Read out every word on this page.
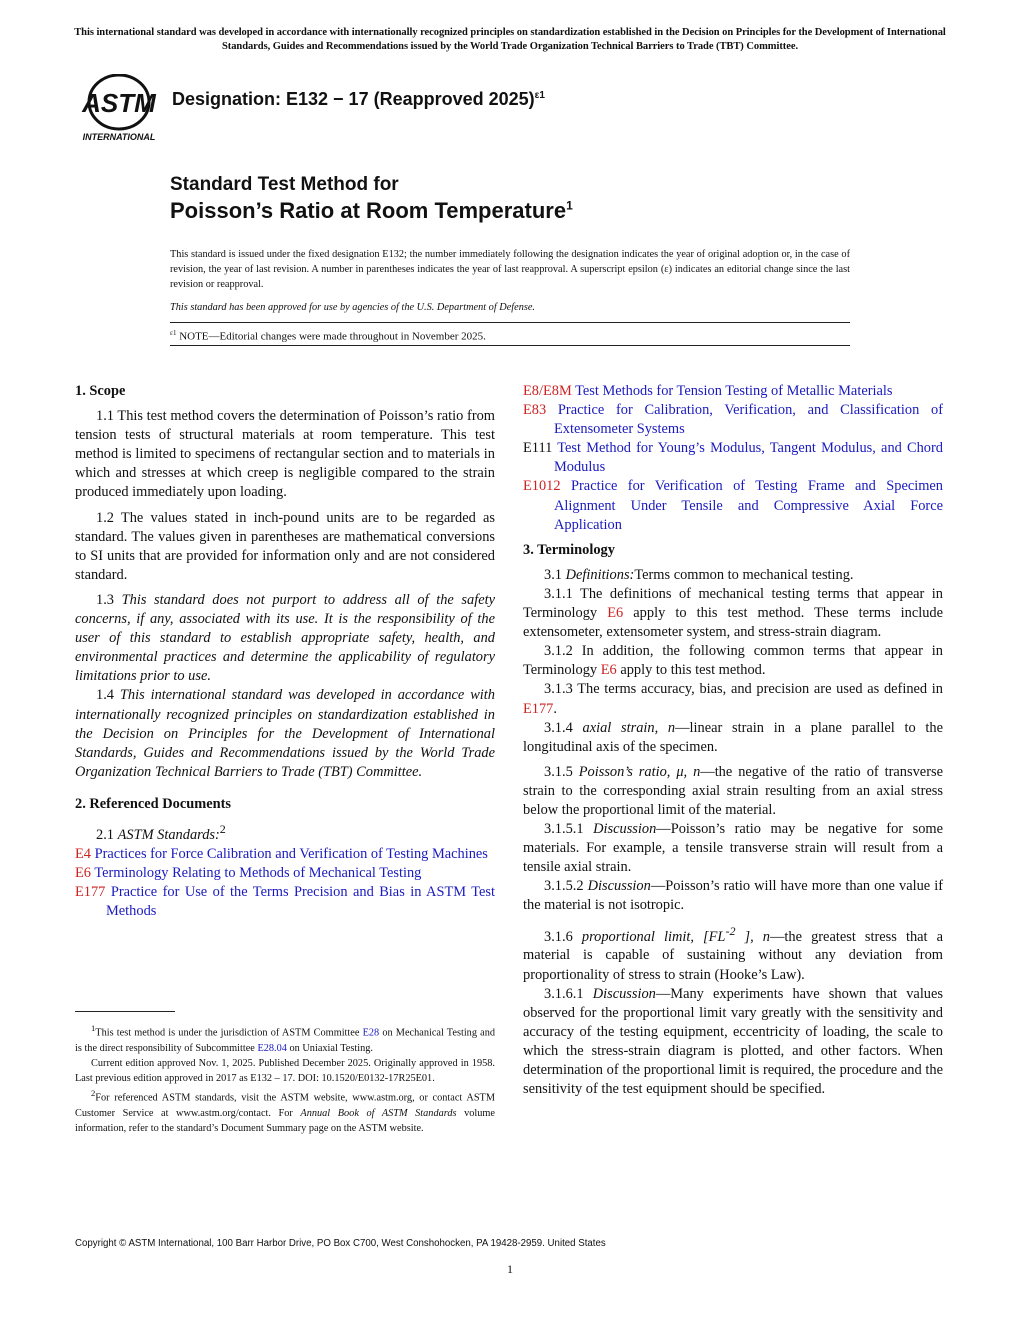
This international standard was developed in accordance with internationally recognized principles on standardization established in the Decision on Principles for the Development of International Standards, Guides and Recommendations issued by the World Trade Organization Technical Barriers to Trade (TBT) Committee.
ASTM
INTERNATIONAL
Designation: E132 − 17 (Reapproved 2025)$^{\varepsilon 1}$
Standard Test Method for
Poisson’s Ratio at Room Temperature$^1$
This standard is issued under the fixed designation E132; the number immediately following the designation indicates the year of original adoption or, in the case of revision, the year of last revision. A number in parentheses indicates the year of last reapproval. A superscript epsilon (ε) indicates an editorial change since the last revision or reapproval.
This standard has been approved for use by agencies of the U.S. Department of Defense.
$^{\varepsilon 1}$ NOTE—Editorial changes were made throughout in November 2025.

1. Scope

1.1 This test method covers the determination of Poisson’s ratio from tension tests of structural materials at room temperature. This test method is limited to specimens of rectangular section and to materials in which and stresses at which creep is negligible compared to the strain produced immediately upon loading.

1.2 The values stated in inch-pound units are to be regarded as standard. The values given in parentheses are mathematical conversions to SI units that are provided for information only and are not considered standard.

1.3 This standard does not purport to address all of the safety concerns, if any, associated with its use. It is the responsibility of the user of this standard to establish appropriate safety, health, and environmental practices and determine the applicability of regulatory limitations prior to use.

1.4 This international standard was developed in accordance with internationally recognized principles on standardization established in the Decision on Principles for the Development of International Standards, Guides and Recommendations issued by the World Trade Organization Technical Barriers to Trade (TBT) Committee.

2. Referenced Documents

2.1 ASTM Standards:$^2$

E4 Practices for Force Calibration and Verification of Testing Machines

E6 Terminology Relating to Methods of Mechanical Testing

E177 Practice for Use of the Terms Precision and Bias in ASTM Test Methods

$^1$This test method is under the jurisdiction of ASTM Committee E28 on Mechanical Testing and is the direct responsibility of Subcommittee E28.04 on Uniaxial Testing.

Current edition approved Nov. 1, 2025. Published December 2025. Originally approved in 1958. Last previous edition approved in 2017 as E132 – 17. DOI: 10.1520/E0132-17R25E01.

$^2$For referenced ASTM standards, visit the ASTM website, www.astm.org, or contact ASTM Customer Service at www.astm.org/contact. For Annual Book of ASTM Standards volume information, refer to the standard’s Document Summary page on the ASTM website.

E8/E8M Test Methods for Tension Testing of Metallic Materials

E83 Practice for Calibration, Verification, and Classification of Extensometer Systems

E111 Test Method for Young’s Modulus, Tangent Modulus, and Chord Modulus

E1012 Practice for Verification of Testing Frame and Specimen Alignment Under Tensile and Compressive Axial Force Application

3. Terminology

3.1 Definitions:Terms common to mechanical testing.

3.1.1 The definitions of mechanical testing terms that appear in Terminology E6 apply to this test method. These terms include extensometer, extensometer system, and stress-strain diagram.

3.1.2 In addition, the following common terms that appear in Terminology E6 apply to this test method.

3.1.3 The terms accuracy, bias, and precision are used as defined in E177.

3.1.4 axial strain, n—linear strain in a plane parallel to the longitudinal axis of the specimen.

3.1.5 Poisson’s ratio, μ, n—the negative of the ratio of transverse strain to the corresponding axial strain resulting from an axial stress below the proportional limit of the material.

3.1.5.1 Discussion—Poisson’s ratio may be negative for some materials. For example, a tensile transverse strain will result from a tensile axial strain.

3.1.5.2 Discussion—Poisson’s ratio will have more than one value if the material is not isotropic.

3.1.6 proportional limit, [$FL^{-2}$ ], n—the greatest stress that a material is capable of sustaining without any deviation from proportionality of stress to strain (Hooke’s Law).

3.1.6.1 Discussion—Many experiments have shown that values observed for the proportional limit vary greatly with the sensitivity and accuracy of the testing equipment, eccentricity of loading, the scale to which the stress-strain diagram is plotted, and other factors. When determination of the proportional limit is required, the procedure and the sensitivity of the test equipment should be specified.

Copyright © ASTM International, 100 Barr Harbor Drive, PO Box C700, West Conshohocken, PA 19428-2959. United States
1
